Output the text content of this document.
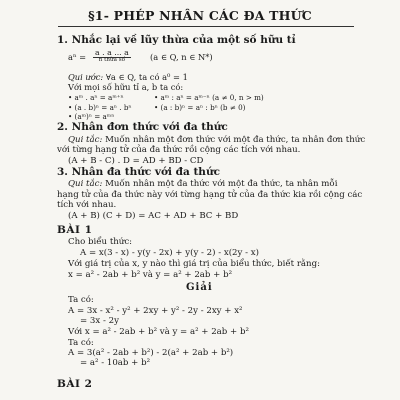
§1- PHÉP NHÂN CÁC ĐA THỨC
1. Nhắc lại về lũy thừa của một số hữu tỉ
aⁿ = a . a ... a
n thừa số	(a ∈ Q, n ∈ N*)
Qui ước: ∀a ∈ Q, ta có a⁰ = 1
Với mọi số hữu tỉ a, b ta có:
• aᵐ . aⁿ = aᵐ⁺ⁿ	• aᵐ : aⁿ = aᵐ⁻ⁿ (a ≠ 0, n > m)
• (a . b)ⁿ = aⁿ . bⁿ	• (a : b)ⁿ = aⁿ : bⁿ (b ≠ 0)
• (aᵐ)ⁿ = aᵐⁿ
2. Nhân đơn thức với đa thức
Qui tắc: Muốn nhân một đơn thức với một đa thức, ta nhân đơn thức
với từng hạng tử của đa thức rồi cộng các tích với nhau.
(A + B - C) . D = AD + BD - CD
3. Nhân đa thức với đa thức
Qui tắc: Muốn nhân một đa thức với một đa thức, ta nhân mỗi
hạng tử của đa thức này với từng hạng tử của đa thức kia rồi cộng các
tích với nhau.
(A + B) (C + D) = AC + AD + BC + BD
BÀI 1
Cho biểu thức:
A = x(3 - x) - y(y - 2x) + y(y - 2) - x(2y - x)
Với giá trị của x, y nào thì giá trị của biểu thức, biết rằng:
x = a² - 2ab + b² và y = a² + 2ab + b²
Giải
Ta có:
A = 3x - x² - y² + 2xy + y² - 2y - 2xy + x²
= 3x - 2y
Với x = a² - 2ab + b² và y = a² + 2ab + b²
Ta có:
A = 3(a² - 2ab + b²) - 2(a² + 2ab + b²)
= a² - 10ab + b²
BÀI 2
